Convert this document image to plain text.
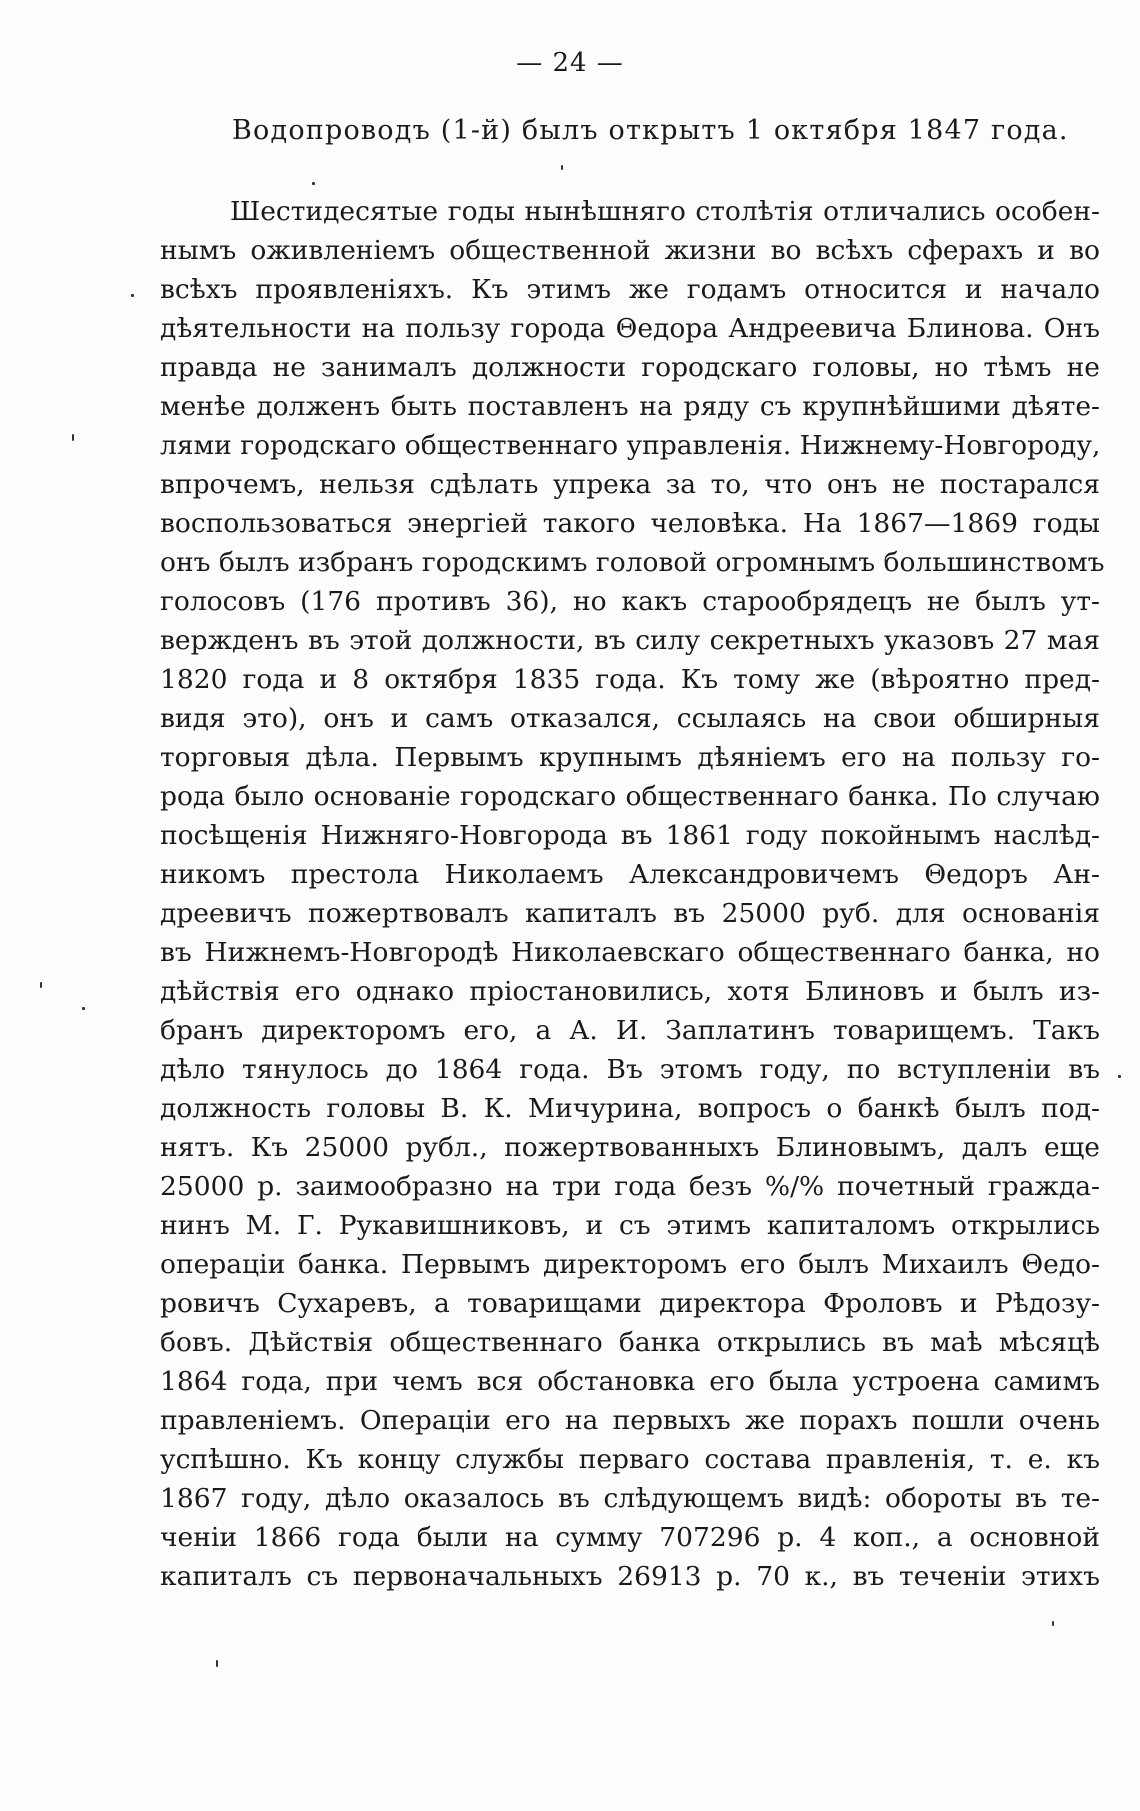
— 24 —
Водопроводъ (1-й) былъ открытъ 1 октября 1847 года.
Шестидесятые годы нынѣшняго столѣтія отличались особен-
нымъ оживленіемъ общественной жизни во всѣхъ сферахъ и во
всѣхъ проявленіяхъ. Къ этимъ же годамъ относится и начало
дѣятельности на пользу города Θедора Андреевича Блинова. Онъ
правда не занималъ должности городскаго головы, но тѣмъ не
менѣе долженъ быть поставленъ на ряду съ крупнѣйшими дѣяте-
лями городскаго общественнаго управленія. Нижнему-Новгороду,
впрочемъ, нельзя сдѣлать упрека за то, что онъ не постарался
воспользоваться энергіей такого человѣка. На 1867—1869 годы
онъ былъ избранъ городскимъ головой огромнымъ большинствомъ
голосовъ (176 противъ 36), но какъ старообрядецъ не былъ ут-
вержденъ въ этой должности, въ силу секретныхъ указовъ 27 мая
1820 года и 8 октября 1835 года. Къ тому же (вѣроятно пред-
видя это), онъ и самъ отказался, ссылаясь на свои обширныя
торговыя дѣла. Первымъ крупнымъ дѣяніемъ его на пользу го-
рода было основаніе городскаго общественнаго банка. По случаю
посѣщенія Нижняго-Новгорода въ 1861 году покойнымъ наслѣд-
никомъ престола Николаемъ Александровичемъ Θедоръ Ан-
дреевичъ пожертвовалъ капиталъ въ 25000 руб. для основанія
въ Нижнемъ-Новгородѣ Николаевскаго общественнаго банка, но
дѣйствія его однако пріостановились, хотя Блиновъ и былъ из-
бранъ директоромъ его, а А. И. Заплатинъ товарищемъ. Такъ
дѣло тянулось до 1864 года. Въ этомъ году, по вступленіи въ
должность головы В. К. Мичурина, вопросъ о банкѣ былъ под-
нятъ. Къ 25000 рубл., пожертвованныхъ Блиновымъ, далъ еще
25000 р. заимообразно на три года безъ %/% почетный гражда-
нинъ М. Г. Рукавишниковъ, и съ этимъ капиталомъ открылись
операціи банка. Первымъ директоромъ его былъ Михаилъ Θедо-
ровичъ Сухаревъ, а товарищами директора Фроловъ и Рѣдозу-
бовъ. Дѣйствія общественнаго банка открылись въ маѣ мѣсяцѣ
1864 года, при чемъ вся обстановка его была устроена самимъ
правленіемъ. Операціи его на первыхъ же порахъ пошли очень
успѣшно. Къ концу службы перваго состава правленія, т. е. къ
1867 году, дѣло оказалось въ слѣдующемъ видѣ: обороты въ те-
ченіи 1866 года были на сумму 707296 р. 4 коп., а основной
капиталъ съ первоначальныхъ 26913 р. 70 к., въ теченіи этихъ
